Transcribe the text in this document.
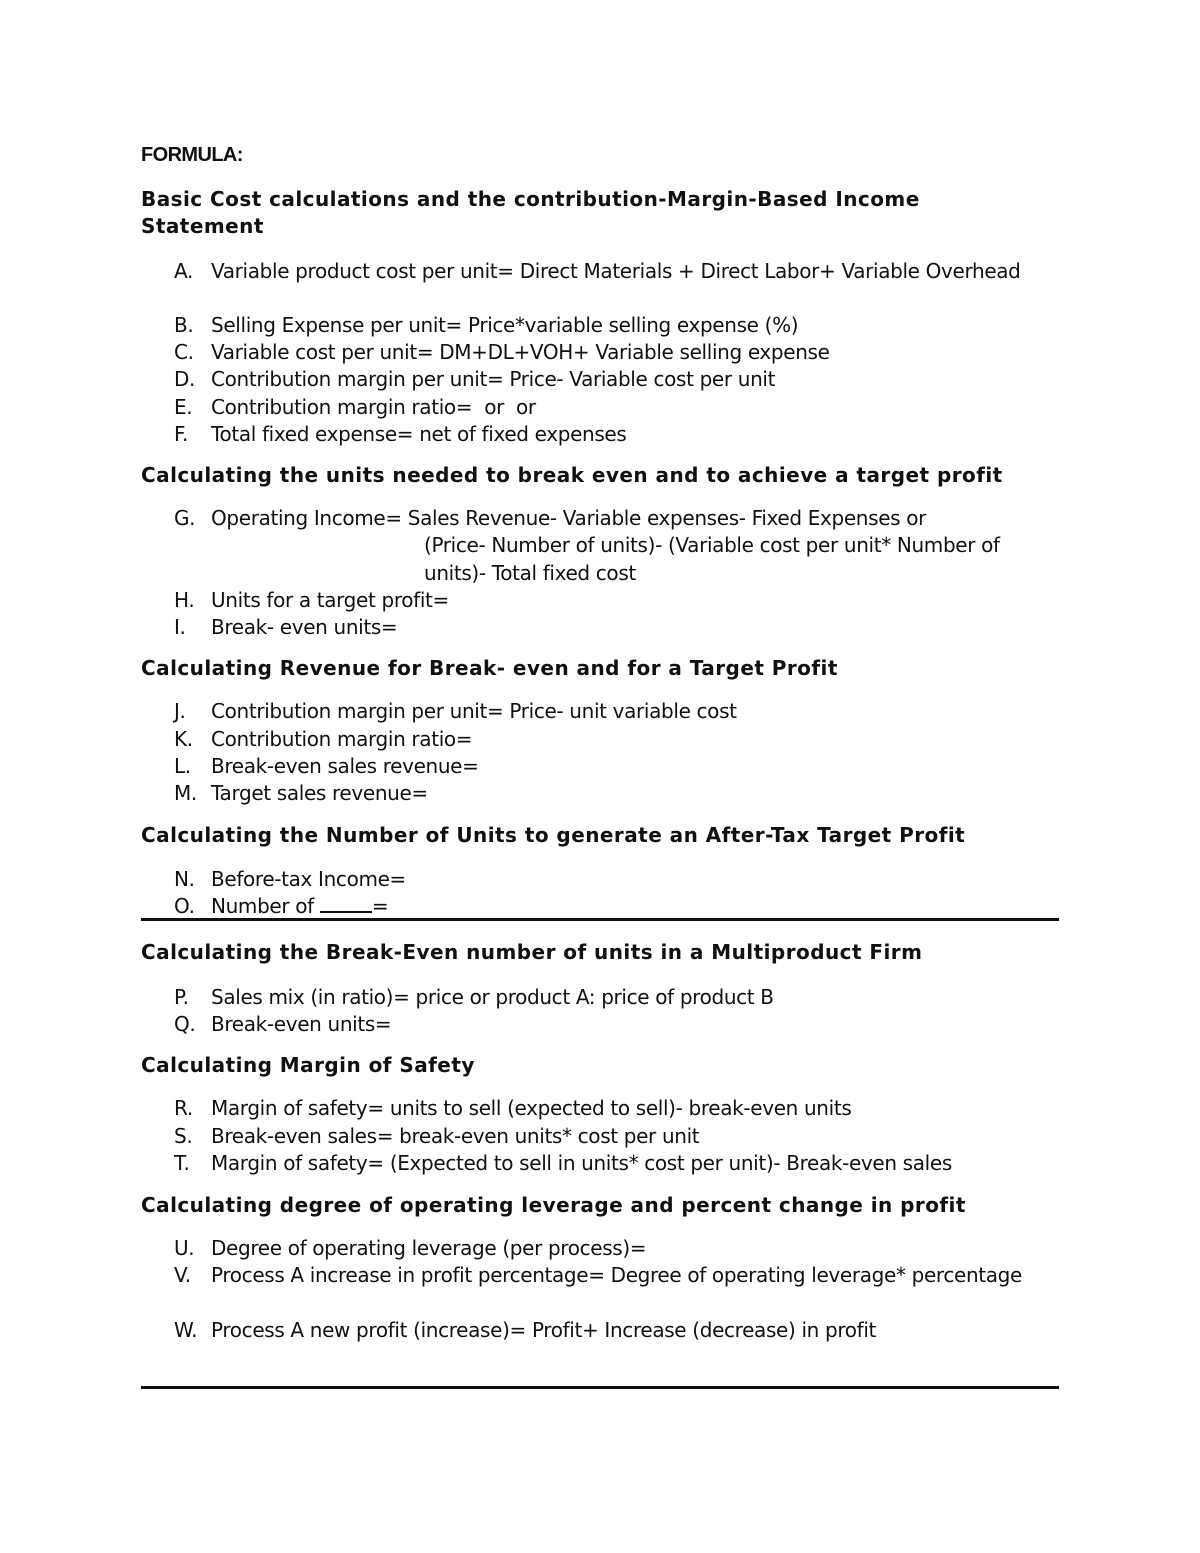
FORMULA:
Basic Cost calculations and the contribution-Margin-Based Income Statement

A. Variable product cost per unit= Direct Materials + Direct Labor+ Variable Overhead

B. Selling Expense per unit= Price*variable selling expense (%)

C. Variable cost per unit= DM+DL+VOH+ Variable selling expense

D. Contribution margin per unit= Price- Variable cost per unit

E. Contribution margin ratio=  or  or

F. Total fixed expense= net of fixed expenses

Calculating the units needed to break even and to achieve a target profit

G. Operating Income= Sales Revenue- Variable expenses- Fixed Expenses or
(Price- Number of units)- (Variable cost per unit* Number of units)- Total fixed cost

H. Units for a target profit=

I. Break- even units=

Calculating Revenue for Break- even and for a Target Profit

J. Contribution margin per unit= Price- unit variable cost

K. Contribution margin ratio=

L. Break-even sales revenue=

M. Target sales revenue=

Calculating the Number of Units to generate an After-Tax Target Profit

N. Before-tax Income=

O. Number of	=

Calculating the Break-Even number of units in a Multiproduct Firm

P. Sales mix (in ratio)= price or product A: price of product B

Q. Break-even units=

Calculating Margin of Safety

R. Margin of safety= units to sell (expected to sell)- break-even units

S. Break-even sales= break-even units* cost per unit

T. Margin of safety= (Expected to sell in units* cost per unit)- Break-even sales

Calculating degree of operating leverage and percent change in profit

U. Degree of operating leverage (per process)=

V. Process A increase in profit percentage= Degree of operating leverage* percentage

W. Process A new profit (increase)= Profit+ Increase (decrease) in profit
